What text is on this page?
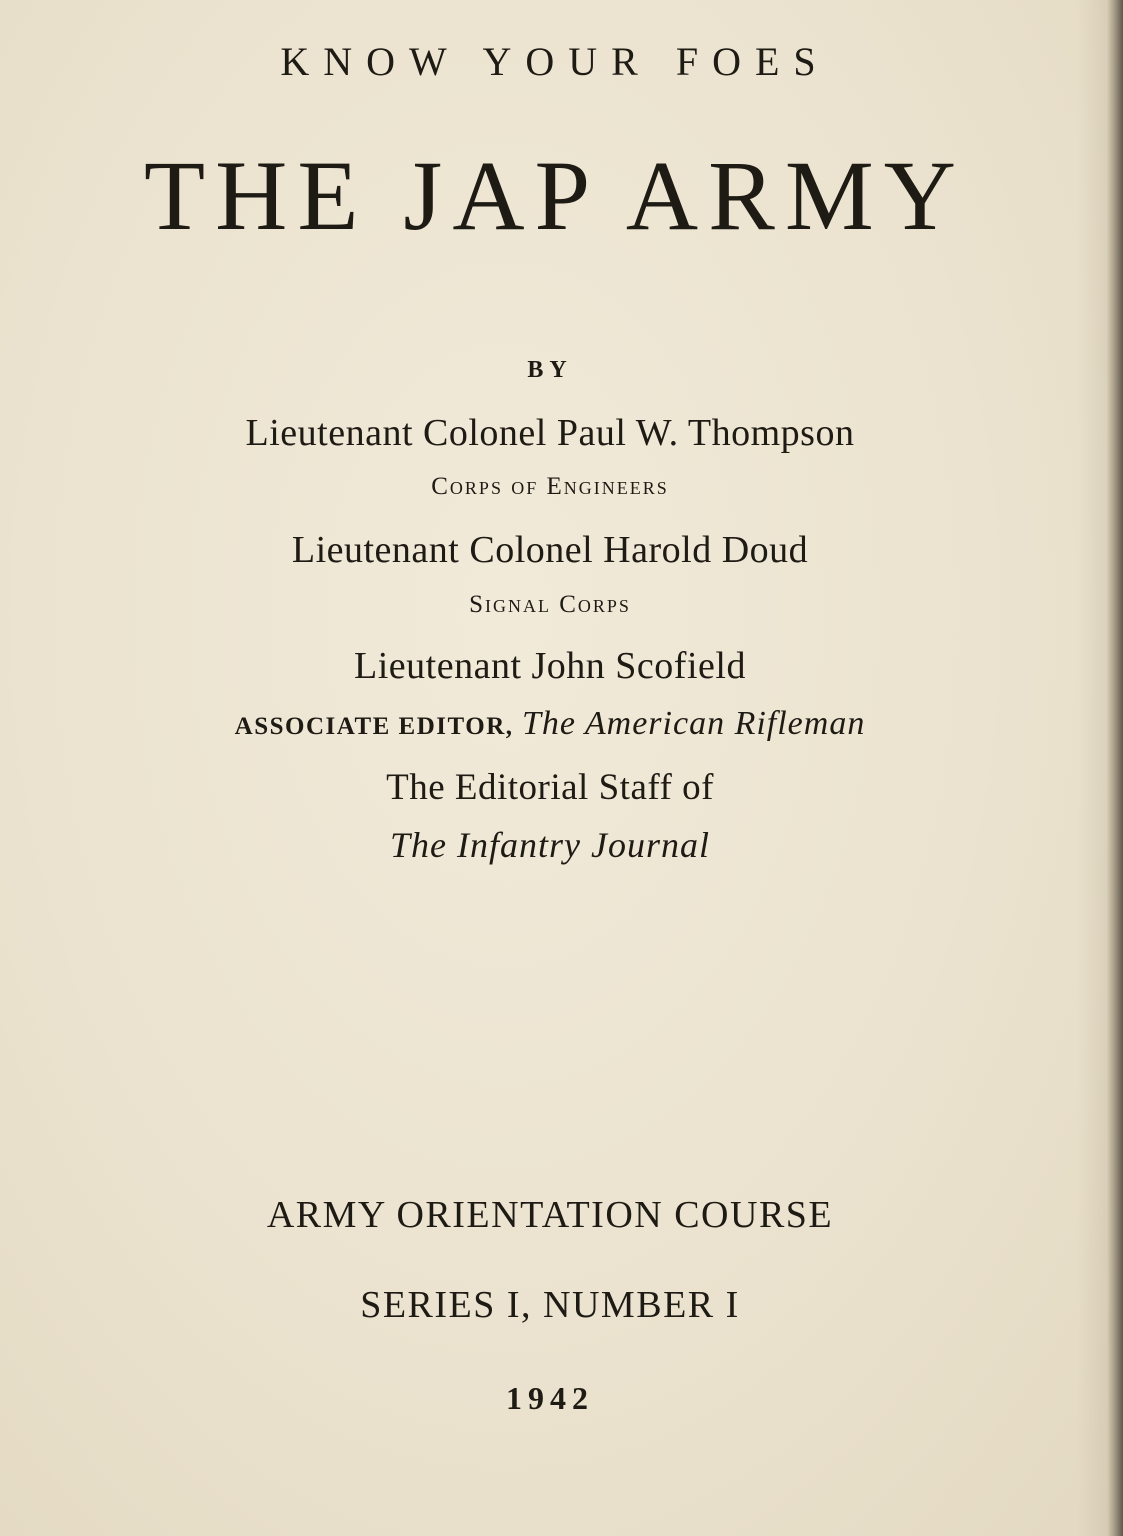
KNOW YOUR FOES
THE JAP ARMY
BY
Lieutenant Colonel Paul W. Thompson
Corps of Engineers
Lieutenant Colonel Harold Doud
Signal Corps
Lieutenant John Scofield
ASSOCIATE EDITOR, The American Rifleman
The Editorial Staff of
The Infantry Journal
ARMY ORIENTATION COURSE
SERIES I, NUMBER I
1942
